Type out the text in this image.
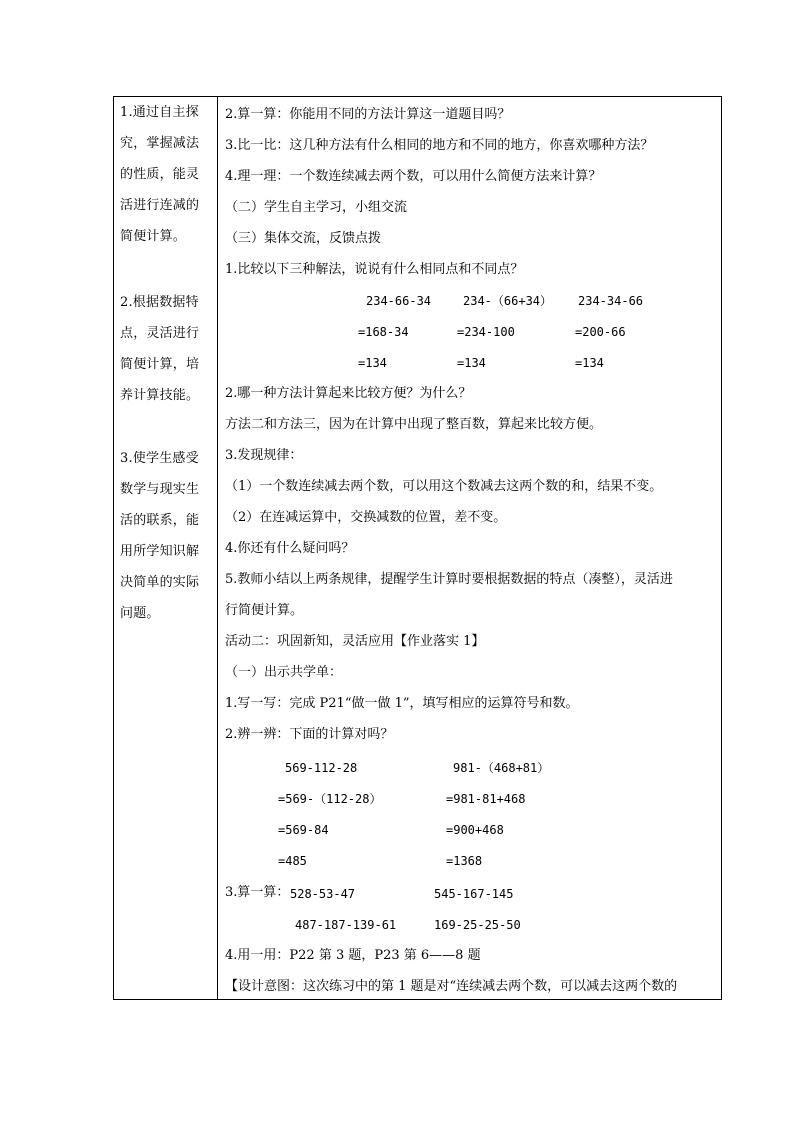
1.通过自主探
究，掌握减法
的性质，能灵
活进行连减的
简便计算。
2.根据数据特
点，灵活进行
简便计算，培
养计算技能。
3.使学生感受
数学与现实生
活的联系，能
用所学知识解
决简单的实际
问题。
2.算一算：你能用不同的方法计算这一道题目吗？
3.比一比：这几种方法有什么相同的地方和不同的地方，你喜欢哪种方法？
4.理一理：一个数连续减去两个数，可以用什么简便方法来计算？
（二）学生自主学习，小组交流
（三）集体交流，反馈点拨
1.比较以下三种解法，说说有什么相同点和不同点？
234-66-34	234-（66+34） 234-34-66
=168-34	=234-100	=200-66
=134	=134	=134
2.哪一种方法计算起来比较方便？为什么？
方法二和方法三，因为在计算中出现了整百数，算起来比较方便。
3.发现规律：
（1）一个数连续减去两个数，可以用这个数减去这两个数的和，结果不变。
（2）在连减运算中，交换减数的位置，差不变。
4.你还有什么疑问吗？
5.教师小结以上两条规律，提醒学生计算时要根据数据的特点（凑整），灵活进
行简便计算。
活动二：巩固新知，灵活应用【作业落实 1】
（一）出示共学单：
1.写一写：完成 P21“做一做 1”，填写相应的运算符号和数。
2.辨一辨：下面的计算对吗？
569-112-28	981-（468+81）
=569-（112-28）	=981-81+468
=569-84	=900+468
=485	=1368
3.算一算： 528-53-47	545-167-145
487-187-139-61	169-25-25-50
4.用一用：P22 第 3 题，P23 第 6——8 题
【设计意图：这次练习中的第 1 题是对“连续减去两个数，可以减去这两个数的
